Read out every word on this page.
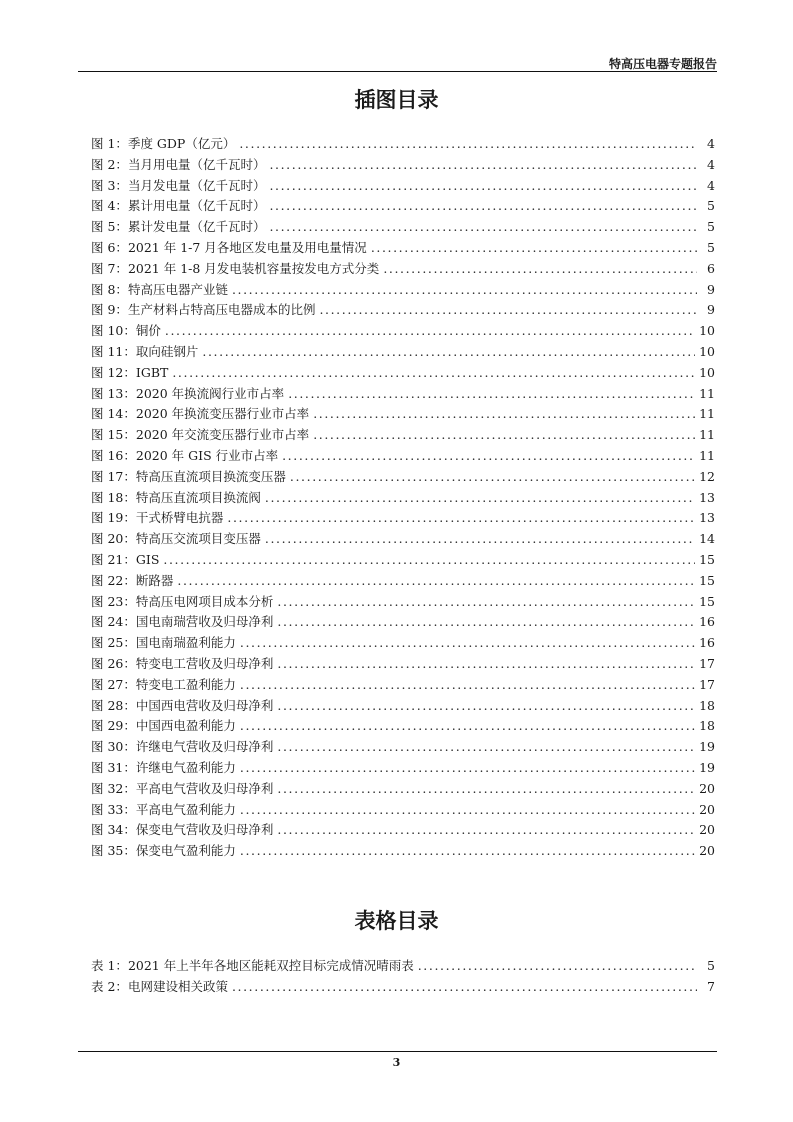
特高压电器专题报告
插图目录
图 1： 季度 GDP（亿元） .....	4
图 2： 当月用电量（亿千瓦时） .....	4
图 3： 当月发电量（亿千瓦时） .....	4
图 4： 累计用电量（亿千瓦时） .....	5
图 5： 累计发电量（亿千瓦时） .....	5
图 6： 2021 年 1-7 月各地区发电量及用电量情况 .....	5
图 7： 2021 年 1-8 月发电装机容量按发电方式分类 .....	6
图 8： 特高压电器产业链 .....	9
图 9： 生产材料占特高压电器成本的比例 .....	9
图 10： 铜价 .....	10
图 11： 取向硅钢片 .....	10
图 12： IGBT .....	10
图 13： 2020 年换流阀行业市占率 .....	11
图 14： 2020 年换流变压器行业市占率 .....	11
图 15： 2020 年交流变压器行业市占率 .....	11
图 16： 2020 年 GIS 行业市占率 .....	11
图 17： 特高压直流项目换流变压器 .....	12
图 18： 特高压直流项目换流阀 .....	13
图 19： 干式桥臂电抗器 .....	13
图 20： 特高压交流项目变压器 .....	14
图 21： GIS .....	15
图 22： 断路器 .....	15
图 23： 特高压电网项目成本分析 .....	15
图 24： 国电南瑞营收及归母净利 .....	16
图 25： 国电南瑞盈利能力 .....	16
图 26： 特变电工营收及归母净利 .....	17
图 27： 特变电工盈利能力 .....	17
图 28： 中国西电营收及归母净利 .....	18
图 29： 中国西电盈利能力 .....	18
图 30： 许继电气营收及归母净利 .....	19
图 31： 许继电气盈利能力 .....	19
图 32： 平高电气营收及归母净利 .....	20
图 33： 平高电气盈利能力 .....	20
图 34： 保变电气营收及归母净利 .....	20
图 35： 保变电气盈利能力 .....	20
表格目录
表 1： 2021 年上半年各地区能耗双控目标完成情况晴雨表 .....	5
表 2： 电网建设相关政策 .....	7
3
